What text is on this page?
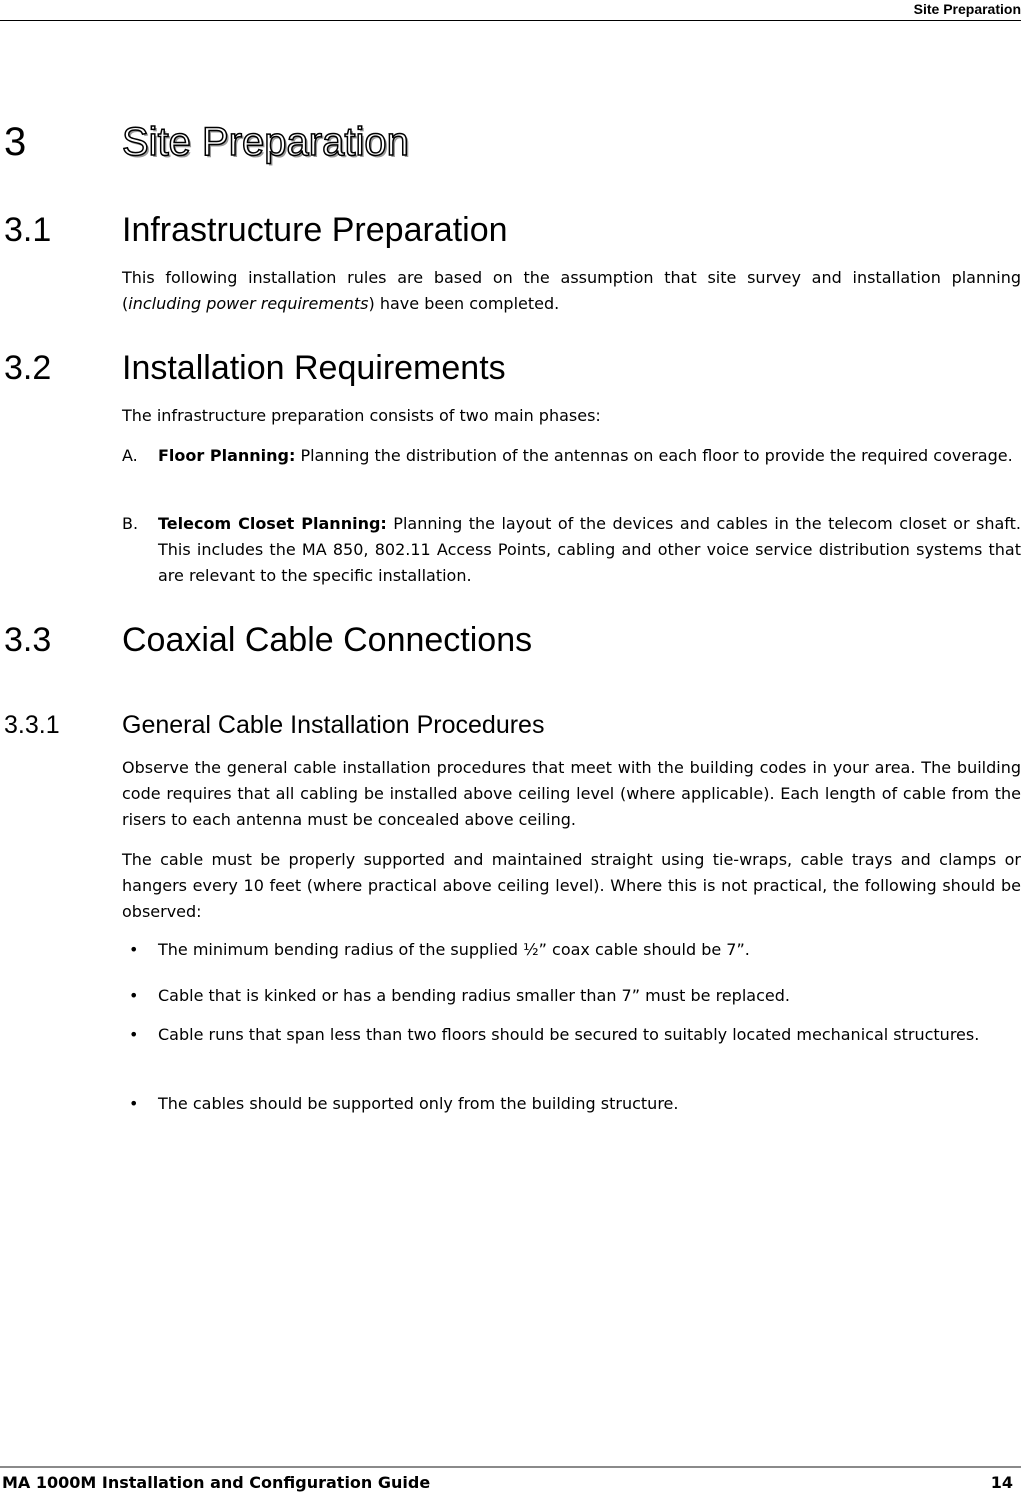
Site Preparation
3 Site Preparation
3.1 Infrastructure Preparation

This following installation rules are based on the assumption that site survey and installation planning (including power requirements) have been completed.

3.2 Installation Requirements

The infrastructure preparation consists of two main phases:

A.	Floor Planning: Planning the distribution of the antennas on each floor to provide the required coverage.
B.	Telecom Closet Planning: Planning the layout of the devices and cables in the telecom closet or shaft. This includes the MA 850, 802.11 Access Points, cabling and other voice service distribution systems that are relevant to the specific installation.
3.3 Coaxial Cable Connections
3.3.1 General Cable Installation Procedures

Observe the general cable installation procedures that meet with the building codes in your area. The building code requires that all cabling be installed above ceiling level (where applicable). Each length of cable from the risers to each antenna must be concealed above ceiling.

The cable must be properly supported and maintained straight using tie-wraps, cable trays and clamps or hangers every 10 feet (where practical above ceiling level). Where this is not practical, the following should be observed:

• The minimum bending radius of the supplied ½” coax cable should be 7”.
• Cable that is kinked or has a bending radius smaller than 7” must be replaced.
• Cable runs that span less than two floors should be secured to suitably located mechanical structures.
• The cables should be supported only from the building structure.
MA 1000M Installation and Configuration Guide	14
